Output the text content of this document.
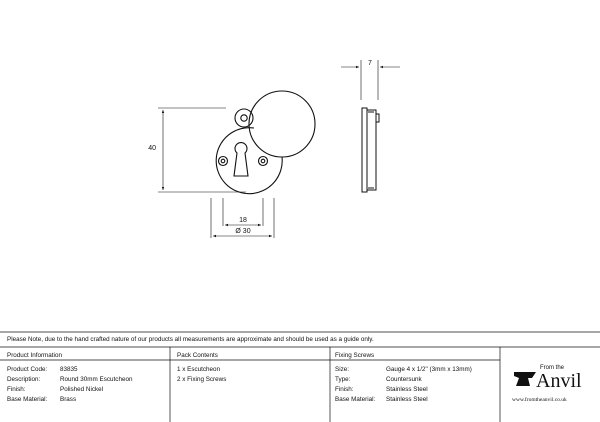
40
18
Ø 30
7
Please Note, due to the hand crafted nature of our products all measurements are approximate and should be used as a guide only.
Product Information	Pack Contents	Fixing Screws
Product Code: 83835
Description:	Round 30mm Escutcheon
Finish:	Polished Nickel
Base Material: Brass
1 x Escutcheon
2 x Fixing Screws
Size:	Gauge 4 x 1/2" (3mm x 13mm)
Type:	Countersunk
Finish:	Stainless Steel
Base Material: Stainless Steel
From the
Anvil
www.fromtheanvil.co.uk
